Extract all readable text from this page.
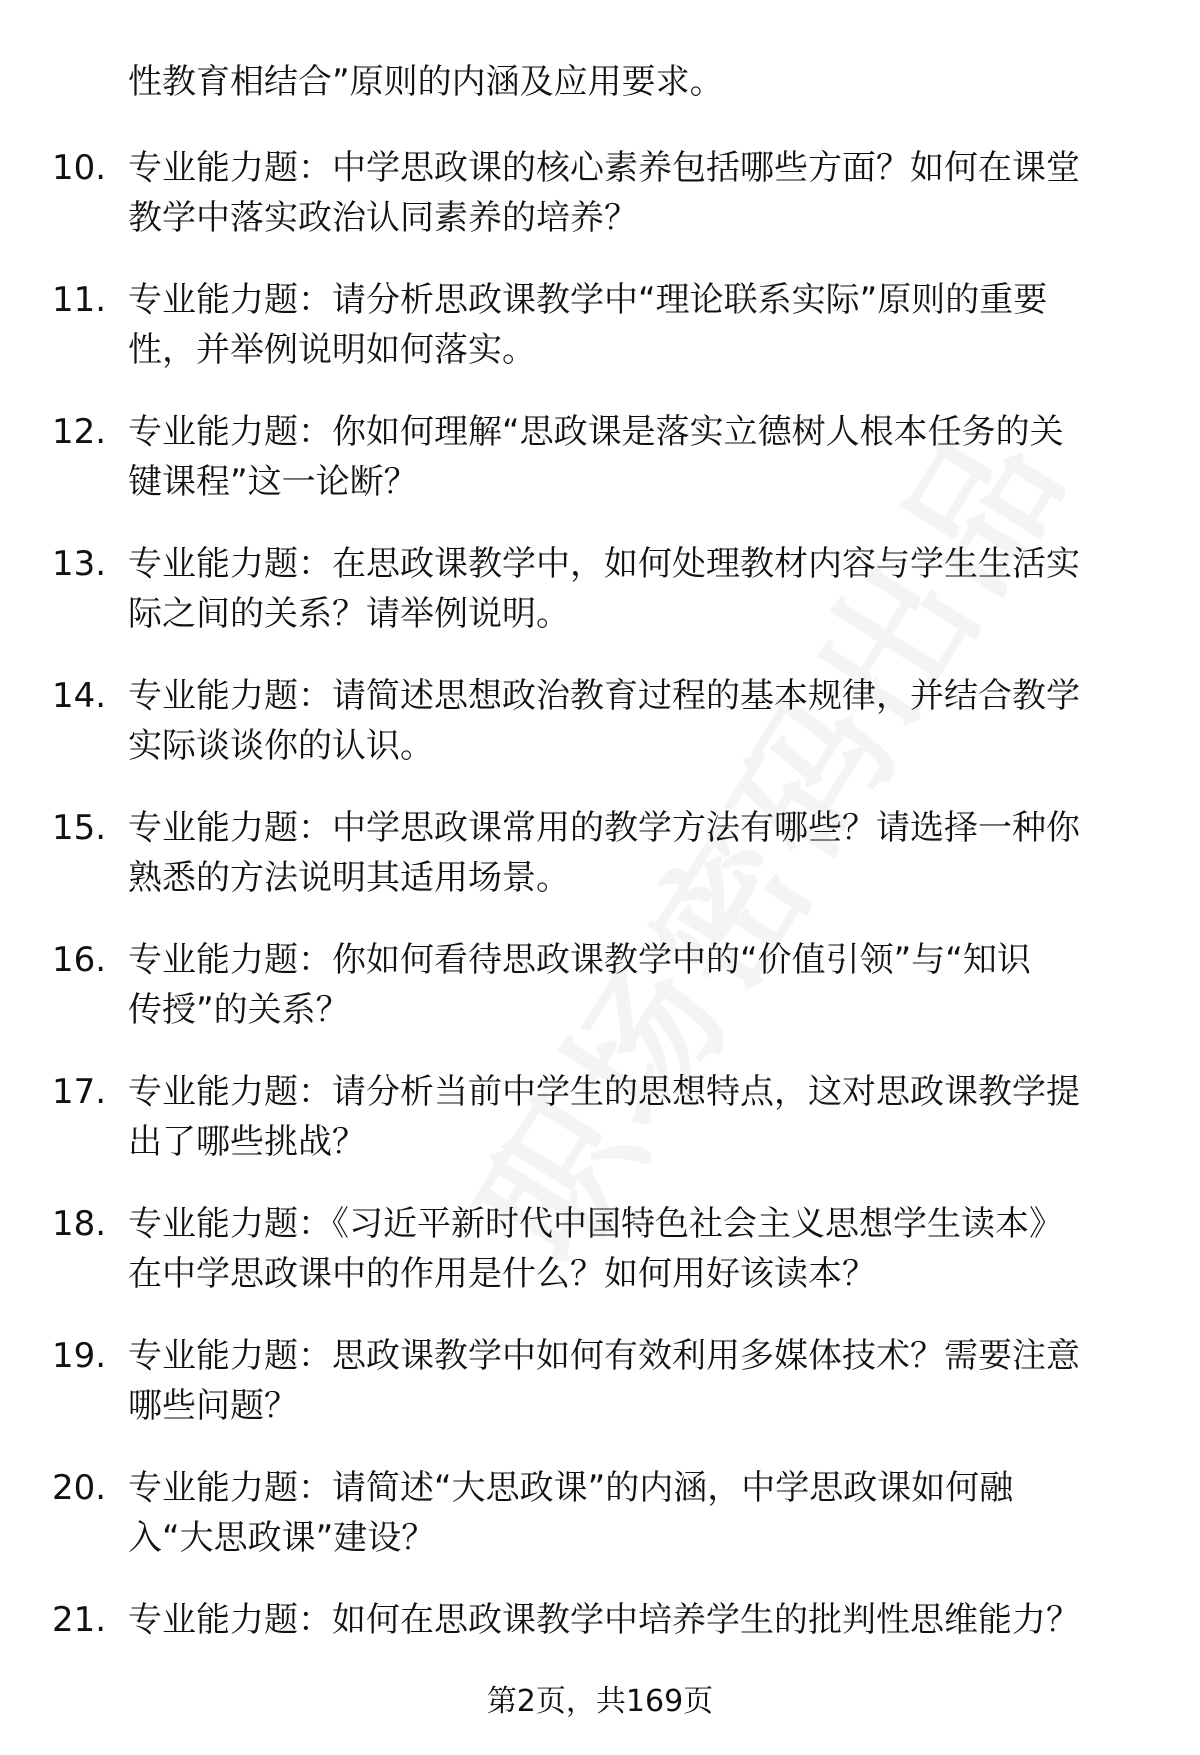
性教育相结合”原则的内涵及应用要求。
10. 专业能力题：中学思政课的核心素养包括哪些方面？如何在课堂
教学中落实政治认同素养的培养？
11. 专业能力题：请分析思政课教学中“理论联系实际”原则的重要
性，并举例说明如何落实。
12. 专业能力题：你如何理解“思政课是落实立德树人根本任务的关
键课程”这一论断？
13. 专业能力题：在思政课教学中，如何处理教材内容与学生生活实
际之间的关系？请举例说明。
14. 专业能力题：请简述思想政治教育过程的基本规律，并结合教学
实际谈谈你的认识。
15. 专业能力题：中学思政课常用的教学方法有哪些？请选择一种你
熟悉的方法说明其适用场景。
16. 专业能力题：你如何看待思政课教学中的“价值引领”与“知识
传授”的关系？
17. 专业能力题：请分析当前中学生的思想特点，这对思政课教学提
出了哪些挑战？
18. 专业能力题：《习近平新时代中国特色社会主义思想学生读本》
在中学思政课中的作用是什么？如何用好该读本？
19. 专业能力题：思政课教学中如何有效利用多媒体技术？需要注意
哪些问题？
20. 专业能力题：请简述“大思政课”的内涵，中学思政课如何融
入“大思政课”建设？
21. 专业能力题：如何在思政课教学中培养学生的批判性思维能力？
第2页，共169页
